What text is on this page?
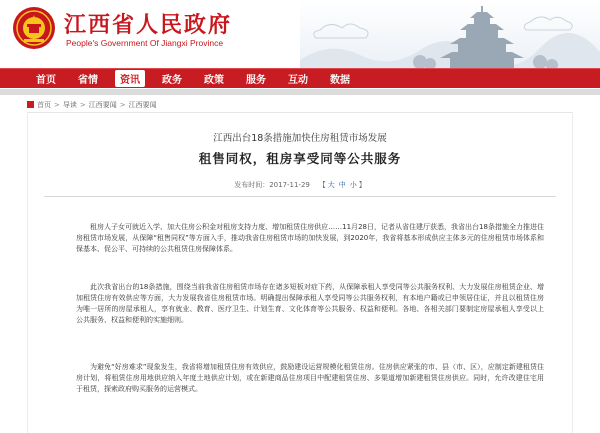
江西省人民政府
People's Government Of Jiangxi Province
首页 省情	资讯	政务 政策 服务 互动 数据
首页 > 导读 > 江西要闻 > 江西要闻
江西出台18条措施加快住房租赁市场发展
租售同权，租房享受同等公共服务
发布时间：2017-11-29 【 大 中 小 】

租房人子女可就近入学、加大住房公积金对租房支持力度、增加租赁住房供应……11月28日，记者从省住建厅获悉，我省出台18条措施全力推进住房租赁市场发展，从保障“租售同权”等方面入手，推动我省住房租赁市场的加快发展，到2020年，我省将基本形成供应主体多元的住房租赁市场体系和保基本、促公平、可持续的公共租赁住房保障体系。

此次我省出台的18条措施，围绕当前我省住房租赁市场存在诸多短板对症下药，从保障承租人享受同等公共服务权利、大力发展住房租赁企业、增加租赁住房有效供应等方面，大力发展我省住房租赁市场。明确提出保障承租人享受同等公共服务权利，有本地户籍或已申领居住证，并且以租赁住房为唯一居所的房屋承租人，享有就业、教育、医疗卫生、计划生育、文化体育等公共服务、权益和便利。各地、各相关部门要制定房屋承租人享受以上公共服务、权益和便利的实施细则。

为避免“好房难求”现象发生，我省将增加租赁住房有效供应，鼓励建设运营规模化租赁住房。住房供应紧张的市、县（市、区），应制定新建租赁住房计划，将租赁住房用地供应纳入年度土地供应计划，或在新建商品住房项目中配建租赁住房、多渠道增加新建租赁住房供应。同时，允许改建住宅用于租赁，探索政府购买服务的运营模式。
